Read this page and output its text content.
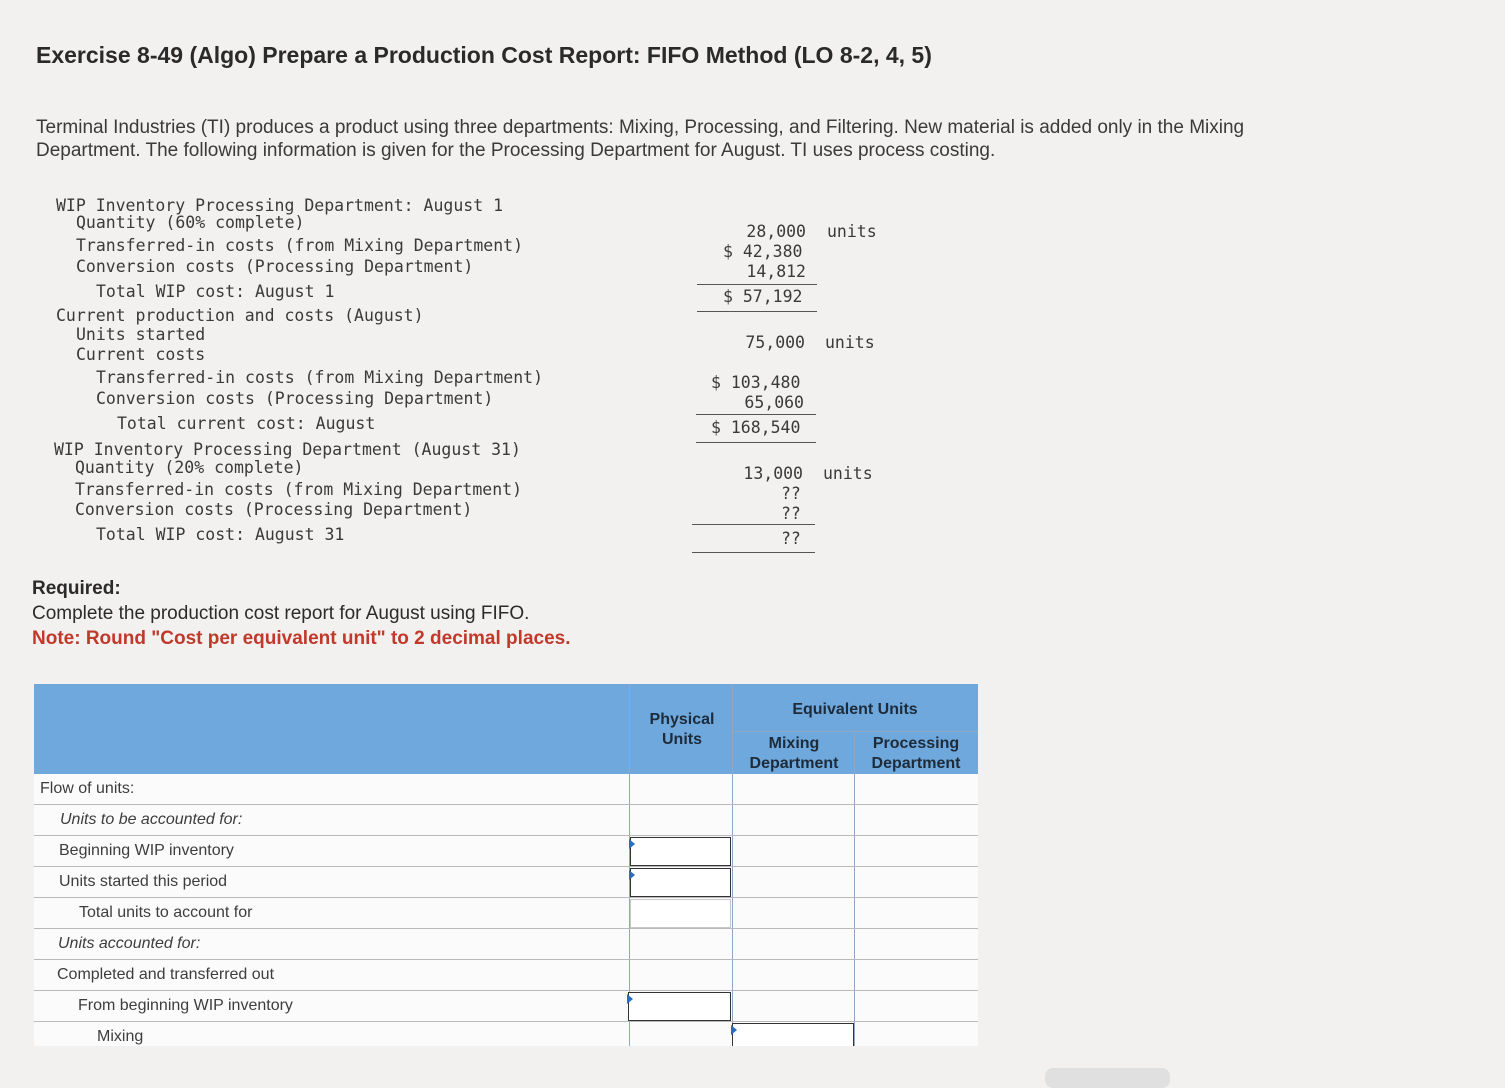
Exercise 8-49 (Algo) Prepare a Production Cost Report: FIFO Method (LO 8-2, 4, 5)
Terminal Industries (TI) produces a product using three departments: Mixing, Processing, and Filtering. New material is added only in the Mixing Department. The following information is given for the Processing Department for August. TI uses process costing.
WIP Inventory Processing Department: August 1
Quantity (60% complete)
Transferred-in costs (from Mixing Department)
Conversion costs (Processing Department)
Total WIP cost: August 1
Current production and costs (August)
Units started
Current costs
Transferred-in costs (from Mixing Department)
Conversion costs (Processing Department)
Total current cost: August
WIP Inventory Processing Department (August 31)
Quantity (20% complete)
Transferred-in costs (from Mixing Department)
Conversion costs (Processing Department)
Total WIP cost: August 31
28,000 units
$ 42,380
14,812
$ 57,192
75,000 units
$ 103,480
65,060
$ 168,540
13,000 units
??
??
??
Required:
Complete the production cost report for August using FIFO.
Note: Round "Cost per equivalent unit" to 2 decimal places.
Physical Units
Equivalent Units
Mixing Department
Processing Department
Flow of units:
Units to be accounted for:
Beginning WIP inventory
Units started this period
Total units to account for
Units accounted for:
Completed and transferred out
From beginning WIP inventory
Mixing
